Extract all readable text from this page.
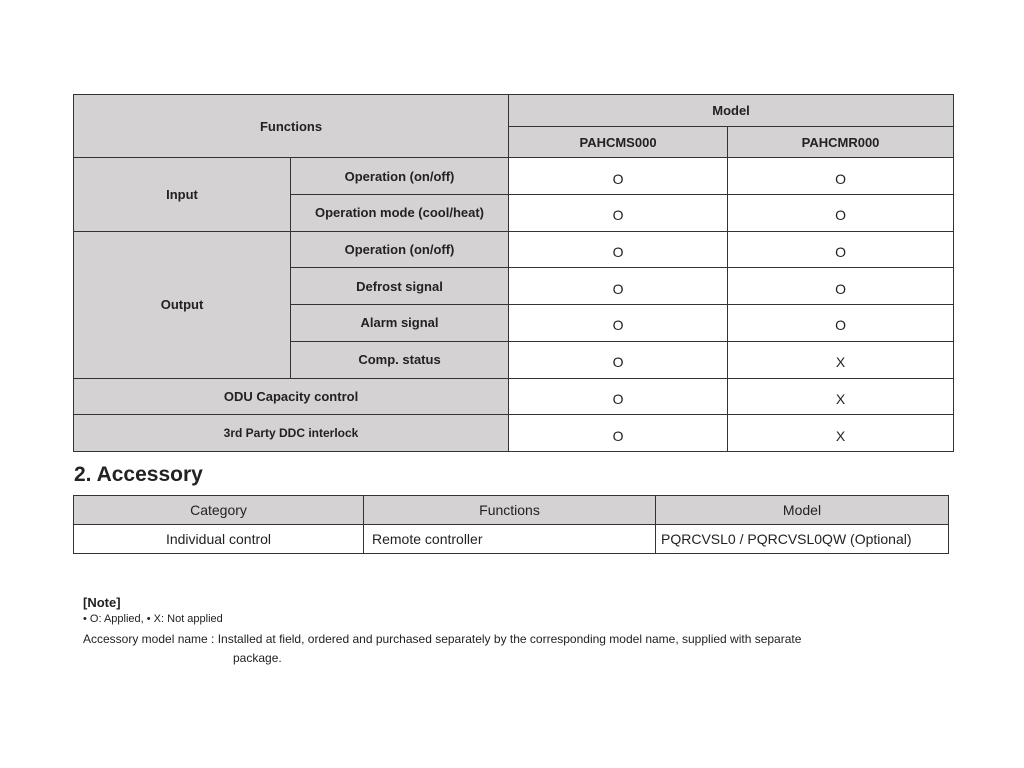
Functions		Model	
		PAHCMS000	PAHCMR000
Input	Operation (on/off)	O	O
	Operation mode (cool/heat)	O	O
Output	Operation (on/off)	O	O
	Defrost signal	O	O
	Alarm signal	O	O
	Comp. status	O	X
ODU Capacity control		O	X
3rd Party DDC interlock		O	X
2. Accessory
Category	Functions	Model
Individual control	Remote controller	PQRCVSL0 / PQRCVSL0QW (Optional)
[Note]
• O: Applied, • X: Not applied
Accessory model name : Installed at field, ordered and purchased separately by the corresponding model name, supplied with separate
package.
